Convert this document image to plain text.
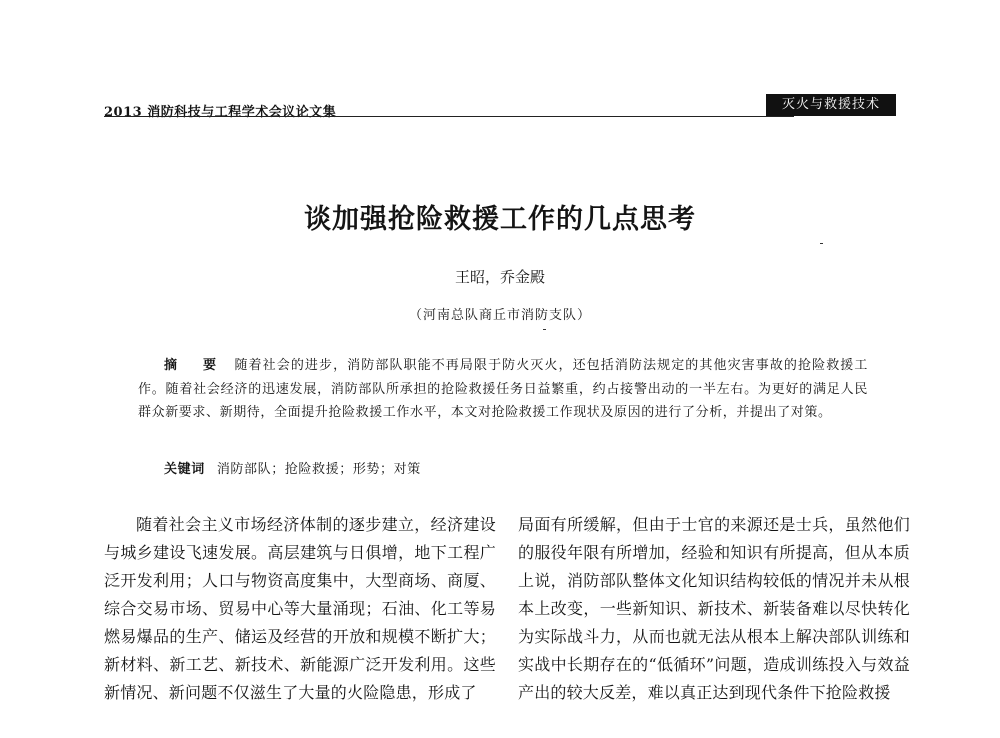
2013 消防科技与工程学术会议论文集
灭火与救援技术
谈加强抢险救援工作的几点思考
王昭，乔金殿
（河南总队商丘市消防支队）
摘　要 随着社会的进步，消防部队职能不再局限于防火灭火，还包括消防法规定的其他灾害事故的抢险救援工作。随着社会经济的迅速发展，消防部队所承担的抢险救援任务日益繁重，约占接警出动的一半左右。为更好的满足人民群众新要求、新期待，全面提升抢险救援工作水平，本文对抢险救援工作现状及原因的进行了分析，并提出了对策。
关键词 消防部队；抢险救援；形势；对策
随着社会主义市场经济体制的逐步建立，经济建设与城乡建设飞速发展。高层建筑与日俱增，地下工程广泛开发利用；人口与物资高度集中，大型商场、商厦、综合交易市场、贸易中心等大量涌现；石油、化工等易燃易爆品的生产、储运及经营的开放和规模不断扩大；新材料、新工艺、新技术、新能源广泛开发利用。这些新情况、新问题不仅滋生了大量的火险隐患，形成了
局面有所缓解，但由于士官的来源还是士兵，虽然他们的服役年限有所增加，经验和知识有所提高，但从本质上说，消防部队整体文化知识结构较低的情况并未从根本上改变，一些新知识、新技术、新装备难以尽快转化为实际战斗力，从而也就无法从根本上解决部队训练和实战中长期存在的“低循环”问题，造成训练投入与效益产出的较大反差，难以真正达到现代条件下抢险救援
